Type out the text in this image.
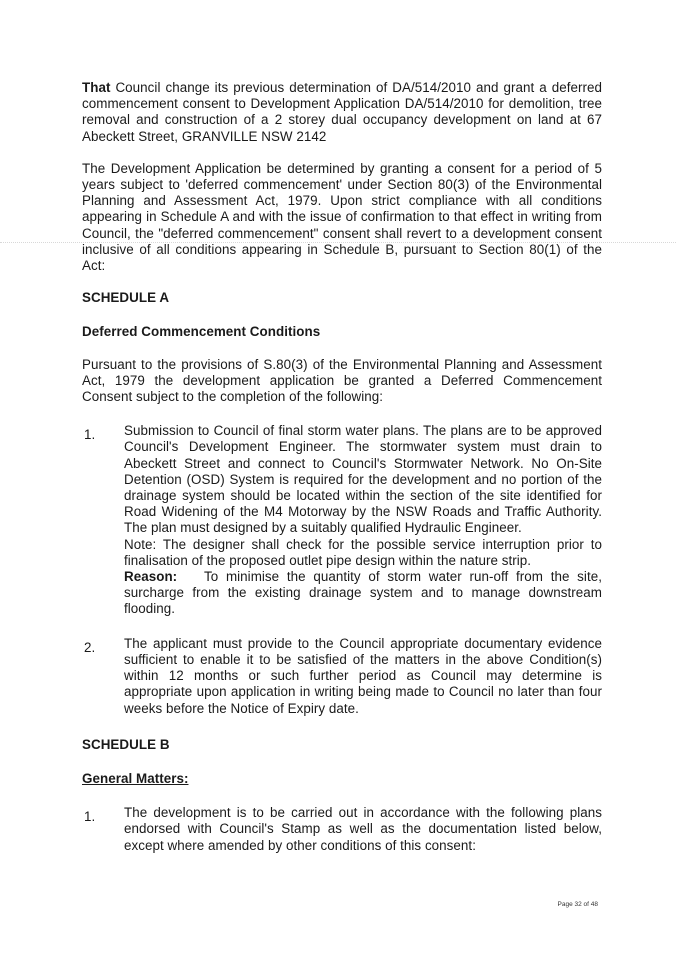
That Council change its previous determination of DA/514/2010 and grant a deferred commencement consent to Development Application DA/514/2010 for demolition, tree removal and construction of a 2 storey dual occupancy development on land at 67 Abeckett Street, GRANVILLE NSW 2142

The Development Application be determined by granting a consent for a period of 5 years subject to 'deferred commencement' under Section 80(3) of the Environmental Planning and Assessment Act, 1979. Upon strict compliance with all conditions appearing in Schedule A and with the issue of confirmation to that effect in writing from Council, the "deferred commencement" consent shall revert to a development consent inclusive of all conditions appearing in Schedule B, pursuant to Section 80(1) of the Act:

SCHEDULE A

Deferred Commencement Conditions

Pursuant to the provisions of S.80(3) of the Environmental Planning and Assessment Act, 1979 the development application be granted a Deferred Commencement Consent subject to the completion of the following:

1. Submission to Council of final storm water plans. The plans are to be approved Council's Development Engineer. The stormwater system must drain to Abeckett Street and connect to Council's Stormwater Network. No On-Site Detention (OSD) System is required for the development and no portion of the drainage system should be located within the section of the site identified for Road Widening of the M4 Motorway by the NSW Roads and Traffic Authority. The plan must designed by a suitably qualified Hydraulic Engineer.

Note: The designer shall check for the possible service interruption prior to finalisation of the proposed outlet pipe design within the nature strip.

Reason: To minimise the quantity of storm water run-off from the site, surcharge from the existing drainage system and to manage downstream flooding.

2. The applicant must provide to the Council appropriate documentary evidence sufficient to enable it to be satisfied of the matters in the above Condition(s) within 12 months or such further period as Council may determine is appropriate upon application in writing being made to Council no later than four weeks before the Notice of Expiry date.

SCHEDULE B

General Matters:

1. The development is to be carried out in accordance with the following plans endorsed with Council's Stamp as well as the documentation listed below, except where amended by other conditions of this consent:

Page 32 of 48
